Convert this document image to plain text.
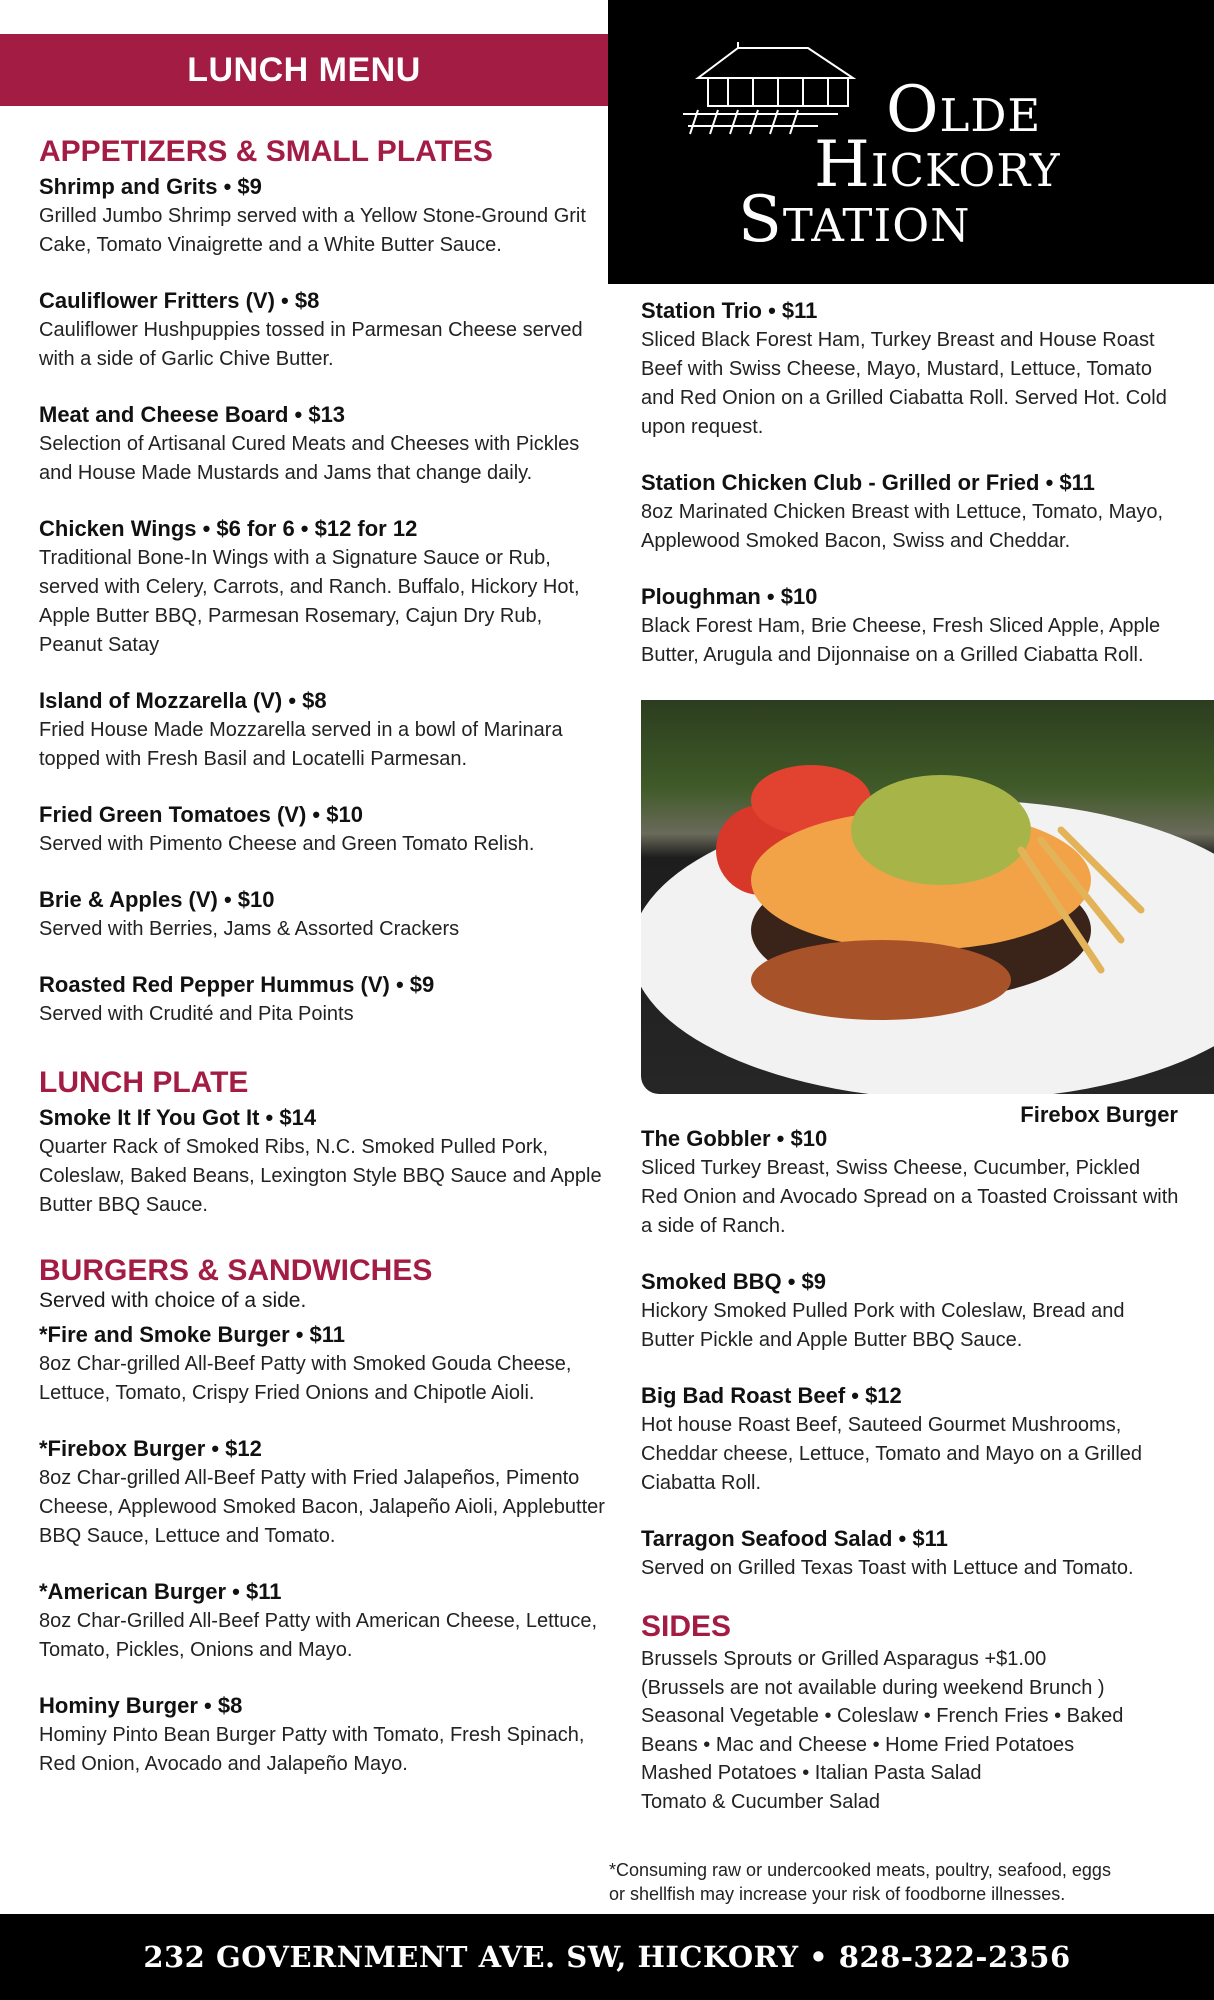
LUNCH MENU
Olde
Hickory
Station
APPETIZERS & SMALL PLATES
Shrimp and Grits • $9
Grilled Jumbo Shrimp served with a Yellow Stone-Ground Grit Cake, Tomato Vinaigrette and a White Butter Sauce.
Cauliflower Fritters (V) • $8
Cauliflower Hushpuppies tossed in Parmesan Cheese served with a side of Garlic Chive Butter.
Meat and Cheese Board • $13
Selection of Artisanal Cured Meats and Cheeses with Pickles and House Made Mustards and Jams that change daily.
Chicken Wings • $6 for 6 • $12 for 12
Traditional Bone-In Wings with a Signature Sauce or Rub, served with Celery, Carrots, and Ranch. Buffalo, Hickory Hot, Apple Butter BBQ, Parmesan Rosemary, Cajun Dry Rub, Peanut Satay
Island of Mozzarella (V) • $8
Fried House Made Mozzarella served in a bowl of Marinara topped with Fresh Basil and Locatelli Parmesan.
Fried Green Tomatoes (V) • $10
Served with Pimento Cheese and Green Tomato Relish.
Brie & Apples (V) • $10
Served with Berries, Jams & Assorted Crackers
Roasted Red Pepper Hummus (V) • $9
Served with Crudité and Pita Points
LUNCH PLATE
Smoke It If You Got It • $14
Quarter Rack of Smoked Ribs, N.C. Smoked Pulled Pork, Coleslaw, Baked Beans, Lexington Style BBQ Sauce and Apple Butter BBQ Sauce.
BURGERS & SANDWICHES
Served with choice of a side.
*Fire and Smoke Burger • $11
8oz Char-grilled All-Beef Patty with Smoked Gouda Cheese, Lettuce, Tomato, Crispy Fried Onions and Chipotle Aioli.
*Firebox Burger • $12
8oz Char-grilled All-Beef Patty with Fried Jalapeños, Pimento Cheese, Applewood Smoked Bacon, Jalapeño Aioli, Applebutter BBQ Sauce, Lettuce and Tomato.
*American Burger • $11
8oz Char-Grilled All-Beef Patty with American Cheese, Lettuce, Tomato, Pickles, Onions and Mayo.
Hominy Burger • $8
Hominy Pinto Bean Burger Patty with Tomato, Fresh Spinach, Red Onion, Avocado and Jalapeño Mayo.
Station Trio • $11
Sliced Black Forest Ham, Turkey Breast and House Roast Beef with Swiss Cheese, Mayo, Mustard, Lettuce, Tomato and Red Onion on a Grilled Ciabatta Roll. Served Hot. Cold upon request.
Station Chicken Club - Grilled or Fried • $11
8oz Marinated Chicken Breast with Lettuce, Tomato, Mayo, Applewood Smoked Bacon, Swiss and Cheddar.
Ploughman • $10
Black Forest Ham, Brie Cheese, Fresh Sliced Apple, Apple Butter, Arugula and Dijonnaise on a Grilled Ciabatta Roll.
Firebox Burger
The Gobbler • $10
Sliced Turkey Breast, Swiss Cheese, Cucumber, Pickled Red Onion and Avocado Spread on a Toasted Croissant with a side of Ranch.
Smoked BBQ • $9
Hickory Smoked Pulled Pork with Coleslaw, Bread and Butter Pickle and Apple Butter BBQ Sauce.
Big Bad Roast Beef • $12
Hot house Roast Beef, Sauteed Gourmet Mushrooms, Cheddar cheese, Lettuce, Tomato and Mayo on a Grilled Ciabatta Roll.
Tarragon Seafood Salad • $11
Served on Grilled Texas Toast with Lettuce and Tomato.
SIDES
Brussels Sprouts or Grilled Asparagus +$1.00
(Brussels are not available during weekend Brunch )
Seasonal Vegetable • Coleslaw • French Fries • Baked
Beans • Mac and Cheese • Home Fried Potatoes
Mashed Potatoes • Italian Pasta Salad
Tomato & Cucumber Salad
*Consuming raw or undercooked meats, poultry, seafood, eggs
or shellfish may increase your risk of foodborne illnesses.
232 GOVERNMENT AVE. SW, HICKORY • 828-322-2356
